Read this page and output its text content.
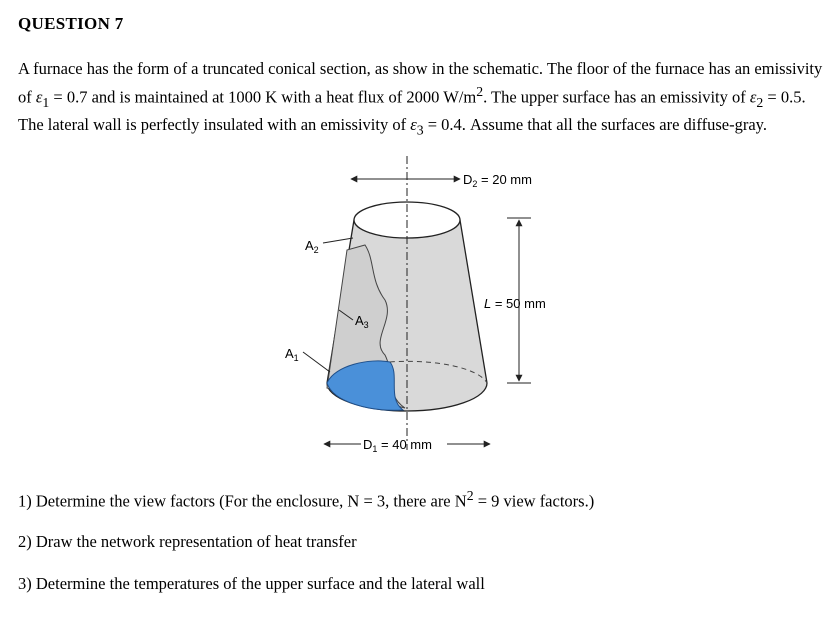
QUESTION 7

A furnace has the form of a truncated conical section, as show in the schematic. The floor of the furnace has an emissivity of $\varepsilon_1 = 0.7$ and is maintained at 1000 K with a heat flux of 2000 $W/m^2$. The upper surface has an emissivity of $\varepsilon_2 = 0.5$. The lateral wall is perfectly insulated with an emissivity of $\varepsilon_3 = 0.4$. Assume that all the surfaces are diffuse-gray.

$D_2 = 20$ mm
L = 50 mm
$D_1 = 40$ mm
$A_2$
$A_3$
$A_1$
1) Determine the view factors (For the enclosure, N = 3, there are $N^2 = 9$ view factors.)
2) Draw the network representation of heat transfer
3) Determine the temperatures of the upper surface and the lateral wall
